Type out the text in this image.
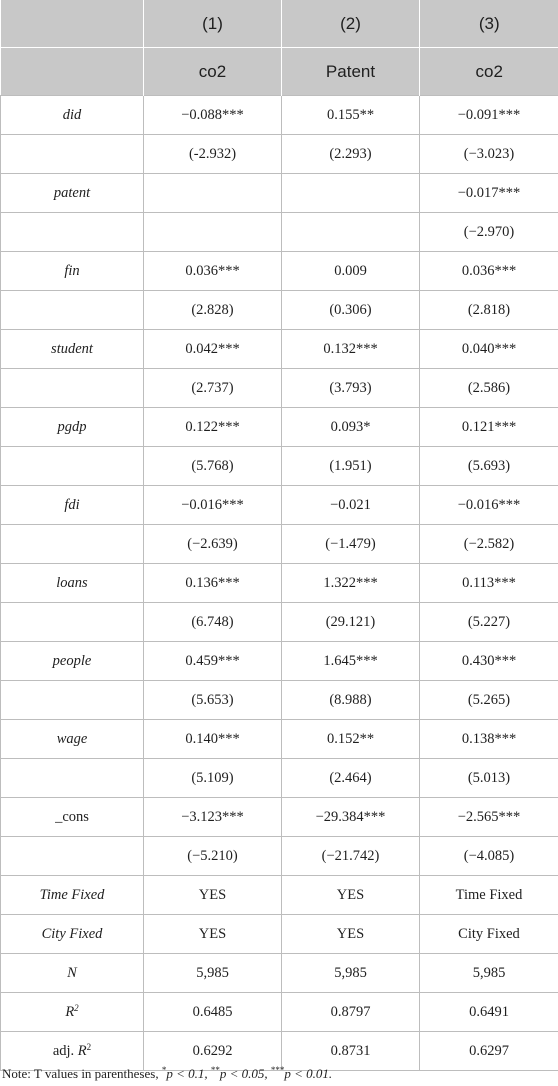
	(1)	(2)	(3)
	co2	Patent	co2
did	−0.088***	0.155**	−0.091***
	(-2.932)	(2.293)	(−3.023)
patent			−0.017***
			(−2.970)
fin	0.036***	0.009	0.036***
	(2.828)	(0.306)	(2.818)
student	0.042***	0.132***	0.040***
	(2.737)	(3.793)	(2.586)
pgdp	0.122***	0.093*	0.121***
	(5.768)	(1.951)	(5.693)
fdi	−0.016***	−0.021	−0.016***
	(−2.639)	(−1.479)	(−2.582)
loans	0.136***	1.322***	0.113***
	(6.748)	(29.121)	(5.227)
people	0.459***	1.645***	0.430***
	(5.653)	(8.988)	(5.265)
wage	0.140***	0.152**	0.138***
	(5.109)	(2.464)	(5.013)
_cons	−3.123***	−29.384***	−2.565***
	(−5.210)	(−21.742)	(−4.085)
Time Fixed	YES	YES	Time Fixed
City Fixed	YES	YES	City Fixed
N	5,985	5,985	5,985
$R^2$	0.6485	0.8797	0.6491
adj. $R^2$	0.6292	0.8731	0.6297
Note: T values in parentheses, *p < 0.1, **p < 0.05, ***p < 0.01.
